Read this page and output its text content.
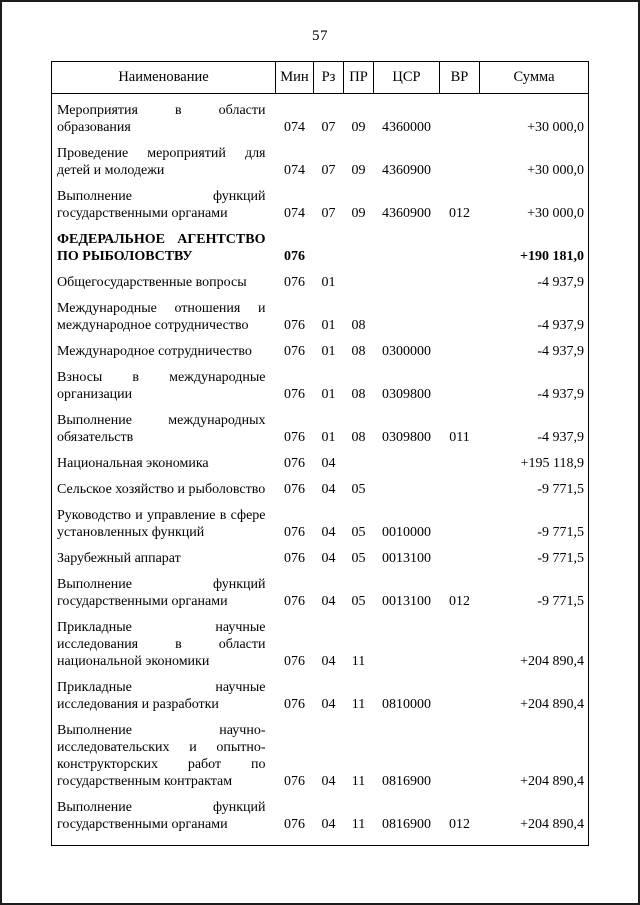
57
Наименование	Мин	Рз	ПР	ЦСР	ВР	Сумма
Мероприятия в области образования	074	07	09	4360000		+30 000,0
Проведение мероприятий для детей и молодежи	074	07	09	4360900		+30 000,0
Выполнение функций государственными органами	074	07	09	4360900	012	+30 000,0
ФЕДЕРАЛЬНОЕ АГЕНТСТВО ПО РЫБОЛОВСТВУ	076					+190 181,0
Общегосударственные вопросы	076	01				-4 937,9
Международные отношения и международное сотрудничество	076	01	08			-4 937,9
Международное сотрудничество	076	01	08	0300000		-4 937,9
Взносы в международные организации	076	01	08	0309800		-4 937,9
Выполнение международных обязательств	076	01	08	0309800	011	-4 937,9
Национальная экономика	076	04				+195 118,9
Сельское хозяйство и рыболовство	076	04	05			-9 771,5
Руководство и управление в сфере установленных функций	076	04	05	0010000		-9 771,5
Зарубежный аппарат	076	04	05	0013100		-9 771,5
Выполнение функций государственными органами	076	04	05	0013100	012	-9 771,5
Прикладные научные исследования в области национальной экономики	076	04	11			+204 890,4
Прикладные научные исследования и разработки	076	04	11	0810000		+204 890,4
Выполнение научно-исследовательских и опытно-конструкторских работ по государственным контрактам	076	04	11	0816900		+204 890,4
Выполнение функций государственными органами	076	04	11	0816900	012	+204 890,4
